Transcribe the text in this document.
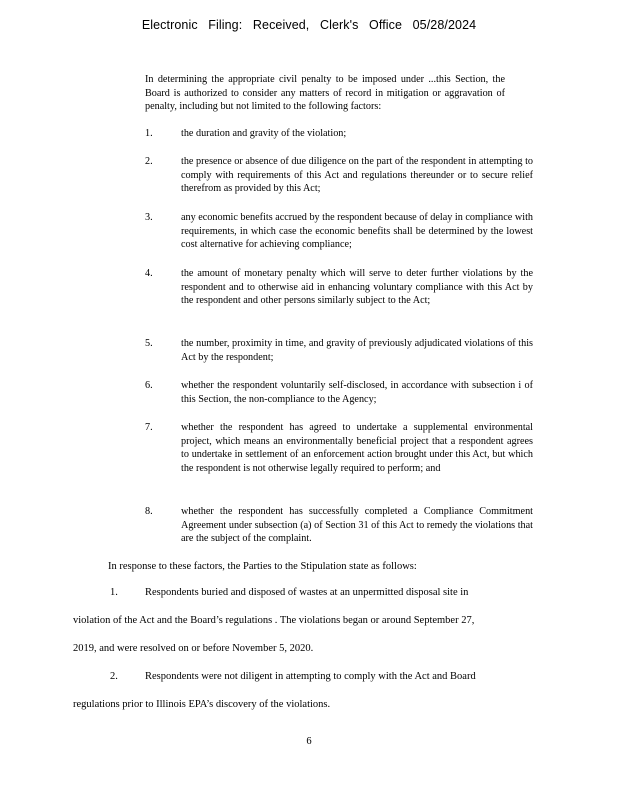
Electronic Filing: Received, Clerk's Office 05/28/2024
In determining the appropriate civil penalty to be imposed under ...this Section, the Board is authorized to consider any matters of record in mitigation or aggravation of penalty, including but not limited to the following factors:
1.	the duration and gravity of the violation;
2.	the presence or absence of due diligence on the part of the respondent in attempting to comply with requirements of this Act and regulations thereunder or to secure relief therefrom as provided by this Act;
3.	any economic benefits accrued by the respondent because of delay in compliance with requirements, in which case the economic benefits shall be determined by the lowest cost alternative for achieving compliance;
4.	the amount of monetary penalty which will serve to deter further violations by the respondent and to otherwise aid in enhancing voluntary compliance with this Act by the respondent and other persons similarly subject to the Act;
5.	the number, proximity in time, and gravity of previously adjudicated violations of this Act by the respondent;
6.	whether the respondent voluntarily self-disclosed, in accordance with subsection i of this Section, the non-compliance to the Agency;
7.	whether the respondent has agreed to undertake a supplemental environmental project, which means an environmentally beneficial project that a respondent agrees to undertake in settlement of an enforcement action brought under this Act, but which the respondent is not otherwise legally required to perform; and
8.	whether the respondent has successfully completed a Compliance Commitment Agreement under subsection (a) of Section 31 of this Act to remedy the violations that are the subject of the complaint.
In response to these factors, the Parties to the Stipulation state as follows:
1.	Respondents buried and disposed of wastes at an unpermitted disposal site in
violation of the Act and the Board’s regulations . The violations began or around September 27,
2019, and were resolved on or before November 5, 2020.
2.	Respondents were not diligent in attempting to comply with the Act and Board
regulations prior to Illinois EPA’s discovery of the violations.
6
